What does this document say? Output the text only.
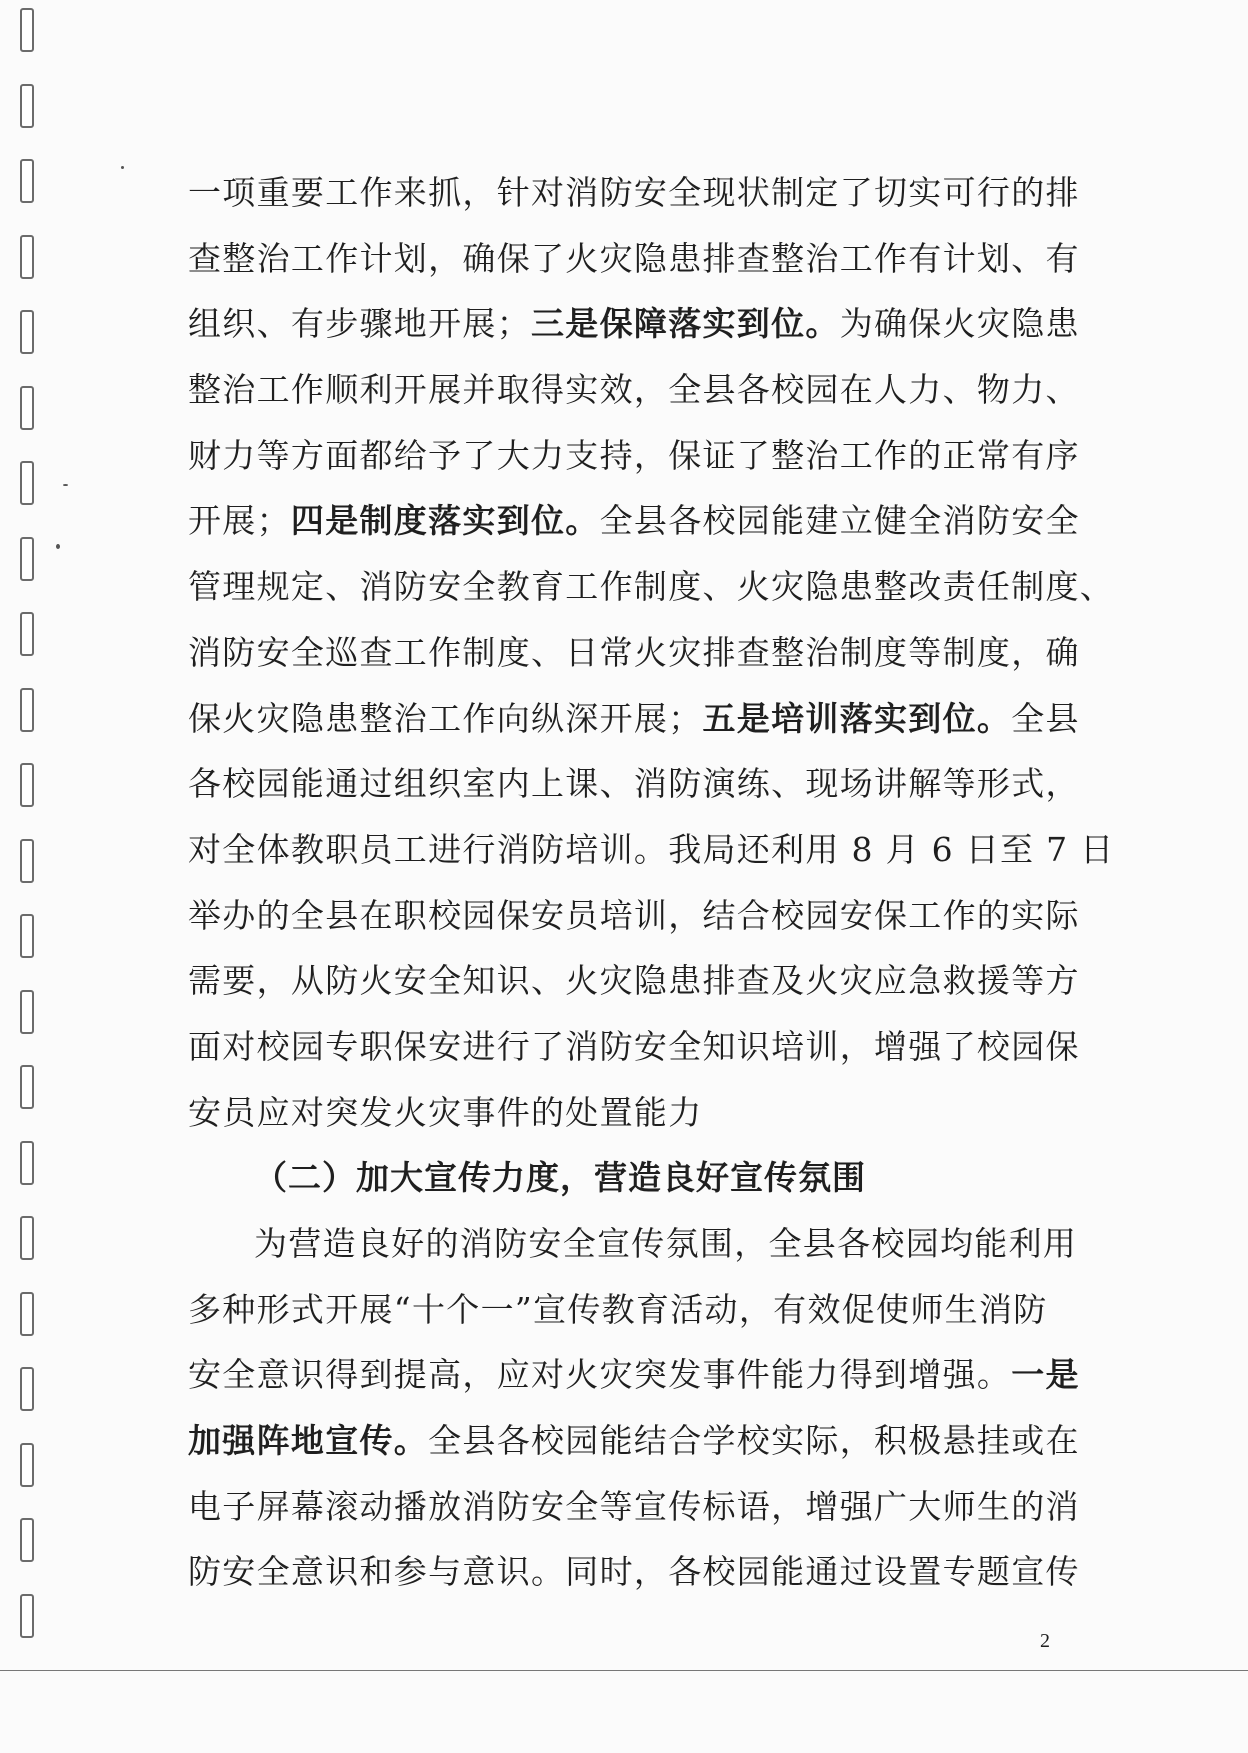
一项重要工作来抓，针对消防安全现状制定了切实可行的排
查整治工作计划，确保了火灾隐患排查整治工作有计划、有
组织、有步骤地开展；三是保障落实到位。为确保火灾隐患
整治工作顺利开展并取得实效，全县各校园在人力、物力、
财力等方面都给予了大力支持，保证了整治工作的正常有序
开展；四是制度落实到位。全县各校园能建立健全消防安全
管理规定、消防安全教育工作制度、火灾隐患整改责任制度、
消防安全巡查工作制度、日常火灾排查整治制度等制度，确
保火灾隐患整治工作向纵深开展；五是培训落实到位。全县
各校园能通过组织室内上课、消防演练、现场讲解等形式，
对全体教职员工进行消防培训。我局还利用 8 月 6 日至 7 日
举办的全县在职校园保安员培训，结合校园安保工作的实际
需要，从防火安全知识、火灾隐患排查及火灾应急救援等方
面对校园专职保安进行了消防安全知识培训，增强了校园保
安员应对突发火灾事件的处置能力
（二）加大宣传力度，营造良好宣传氛围
为营造良好的消防安全宣传氛围，全县各校园均能利用
多种形式开展“十个一”宣传教育活动，有效促使师生消防
安全意识得到提高，应对火灾突发事件能力得到增强。一是
加强阵地宣传。全县各校园能结合学校实际，积极悬挂或在
电子屏幕滚动播放消防安全等宣传标语，增强广大师生的消
防安全意识和参与意识。同时，各校园能通过设置专题宣传
2
